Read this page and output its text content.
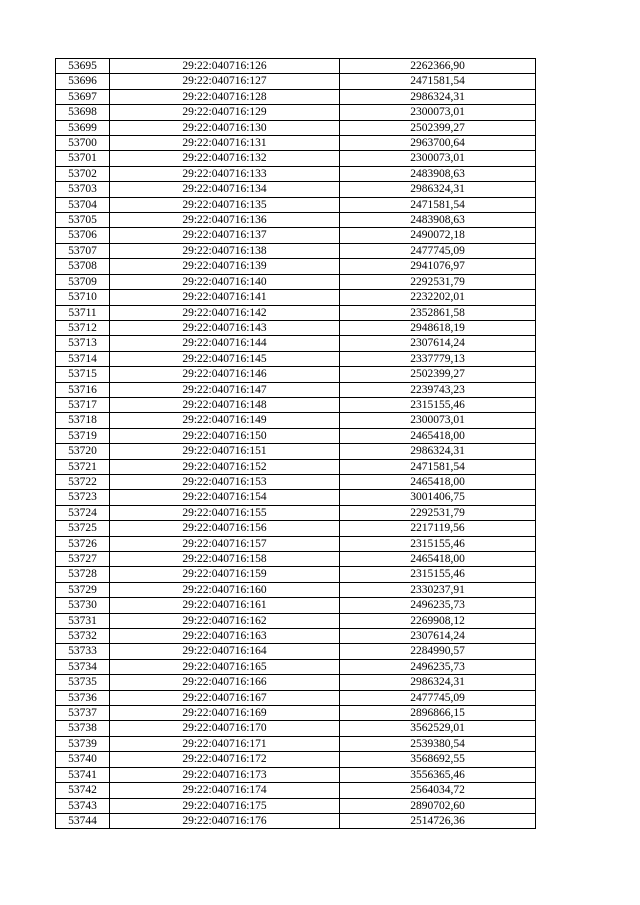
53695	29:22:040716:126	2262366,90
53696	29:22:040716:127	2471581,54
53697	29:22:040716:128	2986324,31
53698	29:22:040716:129	2300073,01
53699	29:22:040716:130	2502399,27
53700	29:22:040716:131	2963700,64
53701	29:22:040716:132	2300073,01
53702	29:22:040716:133	2483908,63
53703	29:22:040716:134	2986324,31
53704	29:22:040716:135	2471581,54
53705	29:22:040716:136	2483908,63
53706	29:22:040716:137	2490072,18
53707	29:22:040716:138	2477745,09
53708	29:22:040716:139	2941076,97
53709	29:22:040716:140	2292531,79
53710	29:22:040716:141	2232202,01
53711	29:22:040716:142	2352861,58
53712	29:22:040716:143	2948618,19
53713	29:22:040716:144	2307614,24
53714	29:22:040716:145	2337779,13
53715	29:22:040716:146	2502399,27
53716	29:22:040716:147	2239743,23
53717	29:22:040716:148	2315155,46
53718	29:22:040716:149	2300073,01
53719	29:22:040716:150	2465418,00
53720	29:22:040716:151	2986324,31
53721	29:22:040716:152	2471581,54
53722	29:22:040716:153	2465418,00
53723	29:22:040716:154	3001406,75
53724	29:22:040716:155	2292531,79
53725	29:22:040716:156	2217119,56
53726	29:22:040716:157	2315155,46
53727	29:22:040716:158	2465418,00
53728	29:22:040716:159	2315155,46
53729	29:22:040716:160	2330237,91
53730	29:22:040716:161	2496235,73
53731	29:22:040716:162	2269908,12
53732	29:22:040716:163	2307614,24
53733	29:22:040716:164	2284990,57
53734	29:22:040716:165	2496235,73
53735	29:22:040716:166	2986324,31
53736	29:22:040716:167	2477745,09
53737	29:22:040716:169	2896866,15
53738	29:22:040716:170	3562529,01
53739	29:22:040716:171	2539380,54
53740	29:22:040716:172	3568692,55
53741	29:22:040716:173	3556365,46
53742	29:22:040716:174	2564034,72
53743	29:22:040716:175	2890702,60
53744	29:22:040716:176	2514726,36
